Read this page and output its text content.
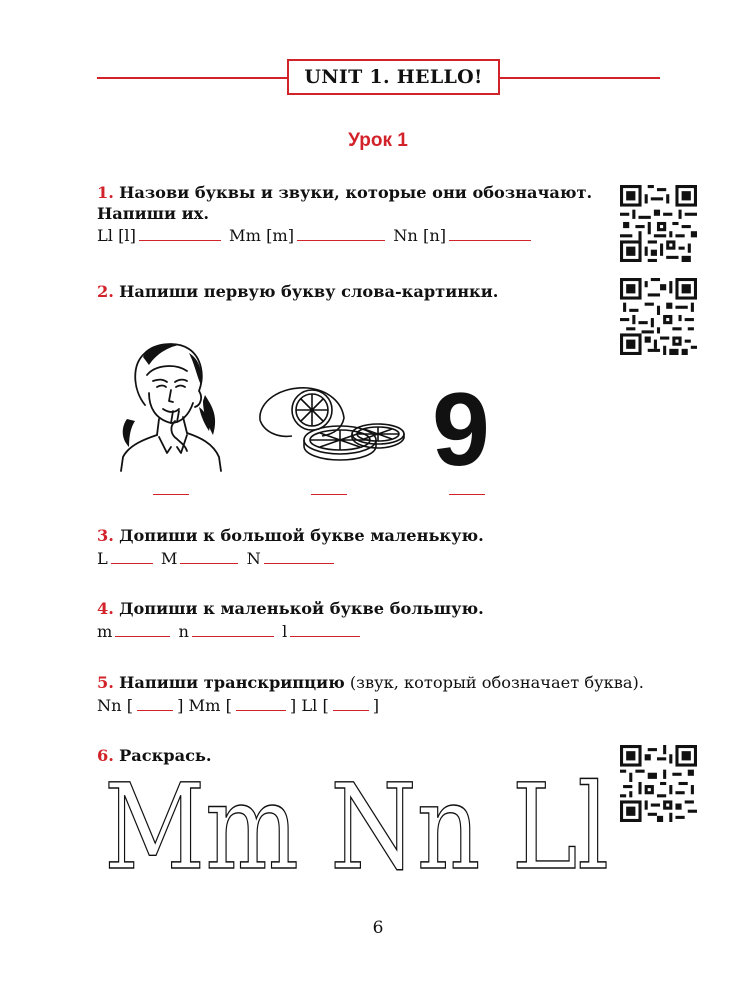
UNIT 1. HELLO!
Урок 1
1. Назови буквы и звуки, которые они обозначают.
Напиши их.
Ll [l]	Mm [m]	Nn [n]
2. Напиши первую букву слова-картинки.
9
3. Допиши к большой букве маленькую.
L	M	N
4. Допиши к маленькой букве большую.
m	n	l
5. Напиши транскрипцию (звук, который обозначает буква).
Nn [	] Mm [	] Ll [	]
6. Раскрась.
Mm Nn Ll
6
